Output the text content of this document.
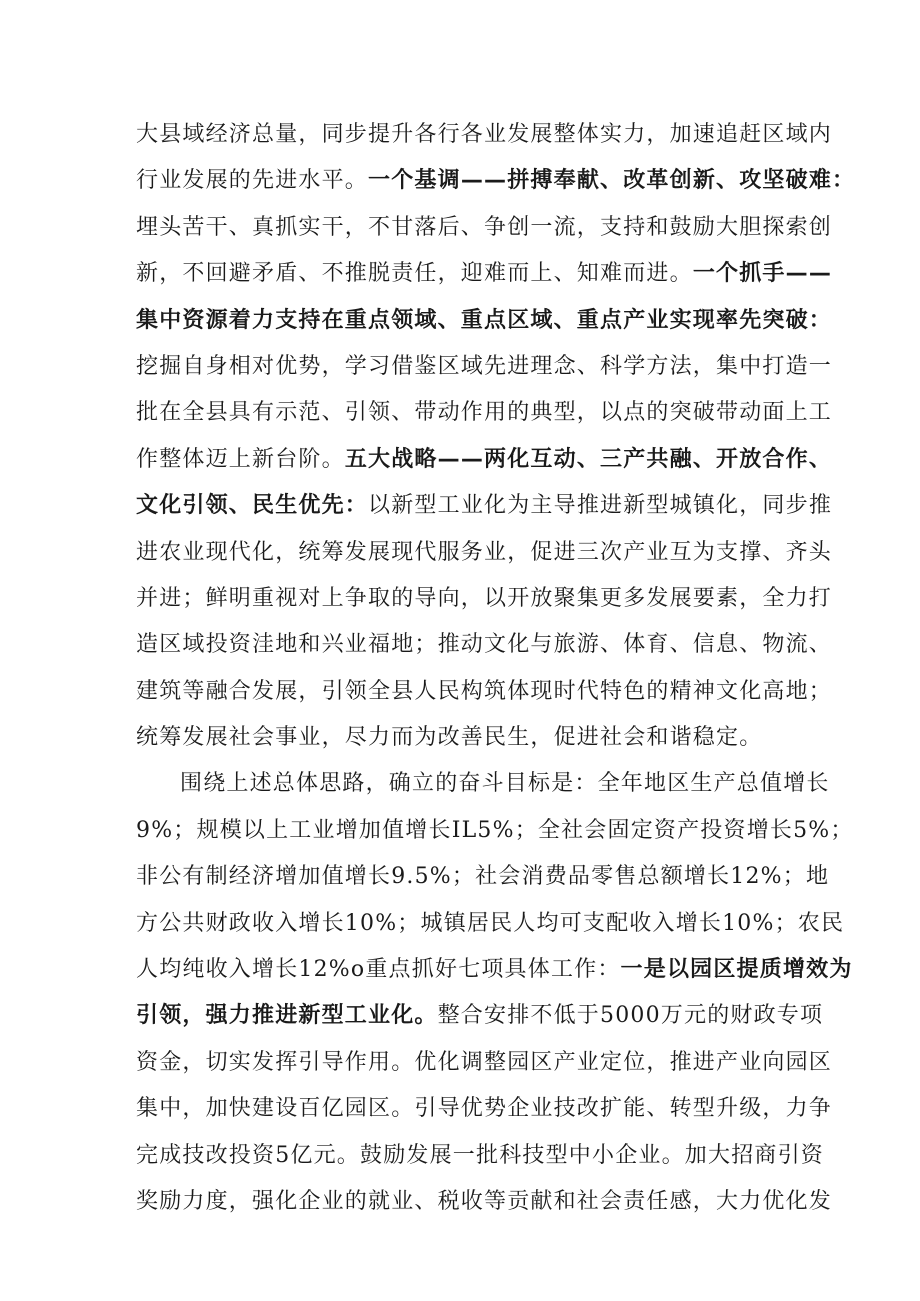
大县域经济总量，同步提升各行各业发展整体实力，加速追赶区域内
行业发展的先进水平。一个基调——拼搏奉献、改革创新、攻坚破难：
埋头苦干、真抓实干，不甘落后、争创一流，支持和鼓励大胆探索创
新，不回避矛盾、不推脱责任，迎难而上、知难而进。一个抓手——
集中资源着力支持在重点领域、重点区域、重点产业实现率先突破：
挖掘自身相对优势，学习借鉴区域先进理念、科学方法，集中打造一
批在全县具有示范、引领、带动作用的典型，以点的突破带动面上工
作整体迈上新台阶。五大战略——两化互动、三产共融、开放合作、
文化引领、民生优先：以新型工业化为主导推进新型城镇化，同步推
进农业现代化，统筹发展现代服务业，促进三次产业互为支撑、齐头
并进；鲜明重视对上争取的导向，以开放聚集更多发展要素，全力打
造区域投资洼地和兴业福地；推动文化与旅游、体育、信息、物流、
建筑等融合发展，引领全县人民构筑体现时代特色的精神文化高地；
统筹发展社会事业，尽力而为改善民生，促进社会和谐稳定。
围绕上述总体思路，确立的奋斗目标是：全年地区生产总值增长
9%；规模以上工业增加值增长IL5%；全社会固定资产投资增长5%；
非公有制经济增加值增长9.5%；社会消费品零售总额增长12%；地
方公共财政收入增长10%；城镇居民人均可支配收入增长10%；农民
人均纯收入增长12%o重点抓好七项具体工作：一是以园区提质增效为
引领，强力推进新型工业化。整合安排不低于5000万元的财政专项
资金，切实发挥引导作用。优化调整园区产业定位，推进产业向园区
集中，加快建设百亿园区。引导优势企业技改扩能、转型升级，力争
完成技改投资5亿元。鼓励发展一批科技型中小企业。加大招商引资
奖励力度，强化企业的就业、税收等贡献和社会责任感，大力优化发
